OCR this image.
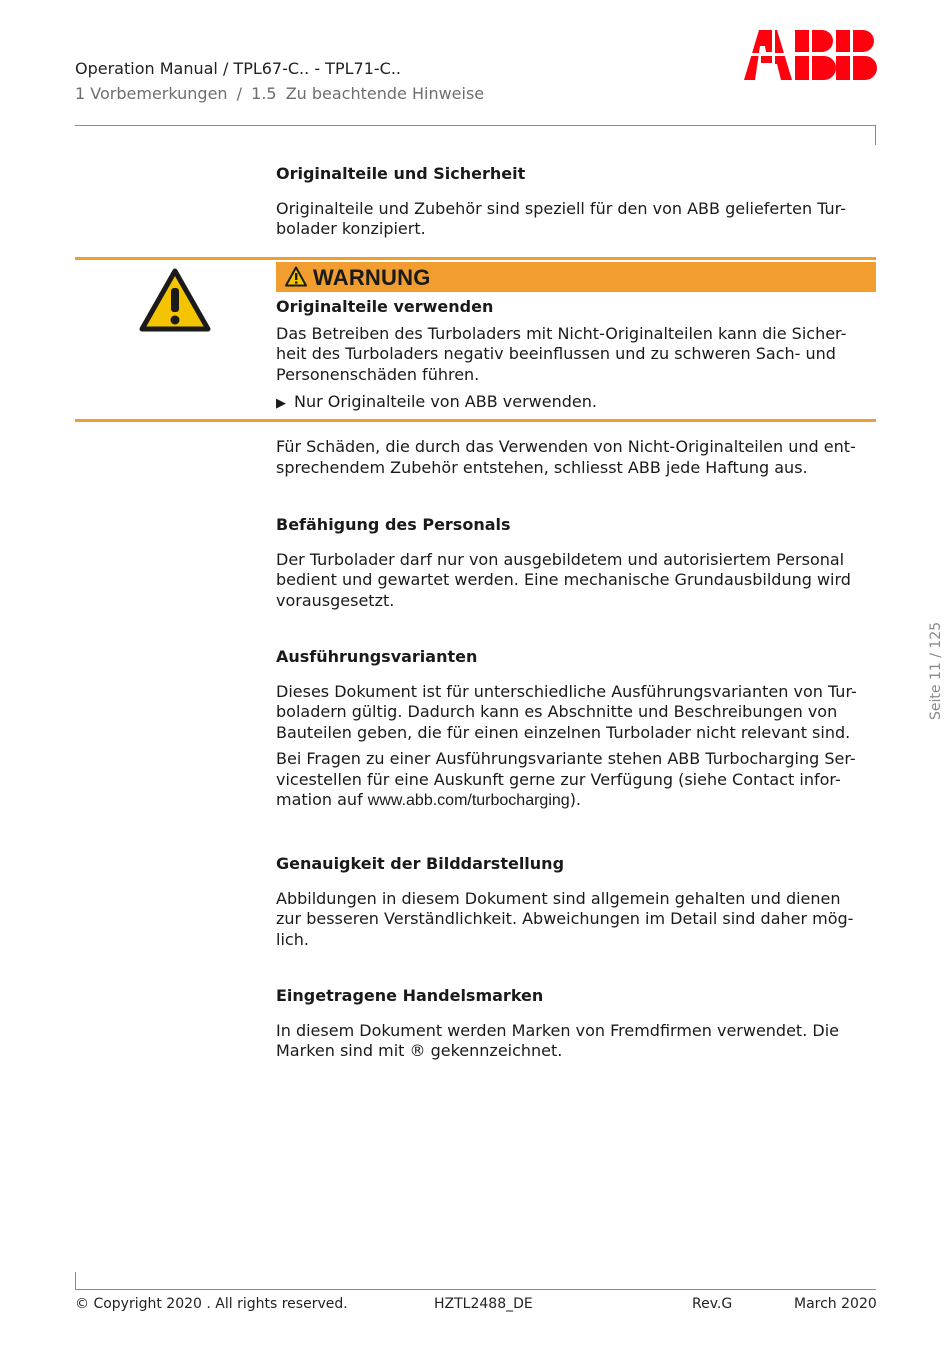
Operation Manual / TPL67-C.. - TPL71-C..
1 Vorbemerkungen / 1.5 Zu beachtende Hinweise
Originalteile und Sicherheit

Originalteile und Zubehör sind speziell für den von ABB gelieferten Tur-
bolader konzipiert.

WARNUNG
Originalteile verwenden

Das Betreiben des Turboladers mit Nicht-Originalteilen kann die Sicher-
heit des Turboladers negativ beeinflussen und zu schweren Sach- und
Personenschäden führen.

▶ Nur Originalteile von ABB verwenden.

Für Schäden, die durch das Verwenden von Nicht-Originalteilen und ent-
sprechendem Zubehör entstehen, schliesst ABB jede Haftung aus.

Befähigung des Personals

Der Turbolader darf nur von ausgebildetem und autorisiertem Personal
bedient und gewartet werden. Eine mechanische Grundausbildung wird
vorausgesetzt.

Ausführungsvarianten

Dieses Dokument ist für unterschiedliche Ausführungsvarianten von Tur-
boladern gültig. Dadurch kann es Abschnitte und Beschreibungen von
Bauteilen geben, die für einen einzelnen Turbolader nicht relevant sind.

Bei Fragen zu einer Ausführungsvariante stehen ABB Turbocharging Ser-
vicestellen für eine Auskunft gerne zur Verfügung (siehe Contact infor-
mation auf www.abb.com/turbocharging).

Genauigkeit der Bilddarstellung

Abbildungen in diesem Dokument sind allgemein gehalten und dienen
zur besseren Verständlichkeit. Abweichungen im Detail sind daher mög-
lich.

Eingetragene Handelsmarken

In diesem Dokument werden Marken von Fremdfirmen verwendet. Die
Marken sind mit ® gekennzeichnet.

Seite 11 / 125
© Copyright 2020 . All rights reserved.	HZTL2488_DE	Rev.G	March 2020
